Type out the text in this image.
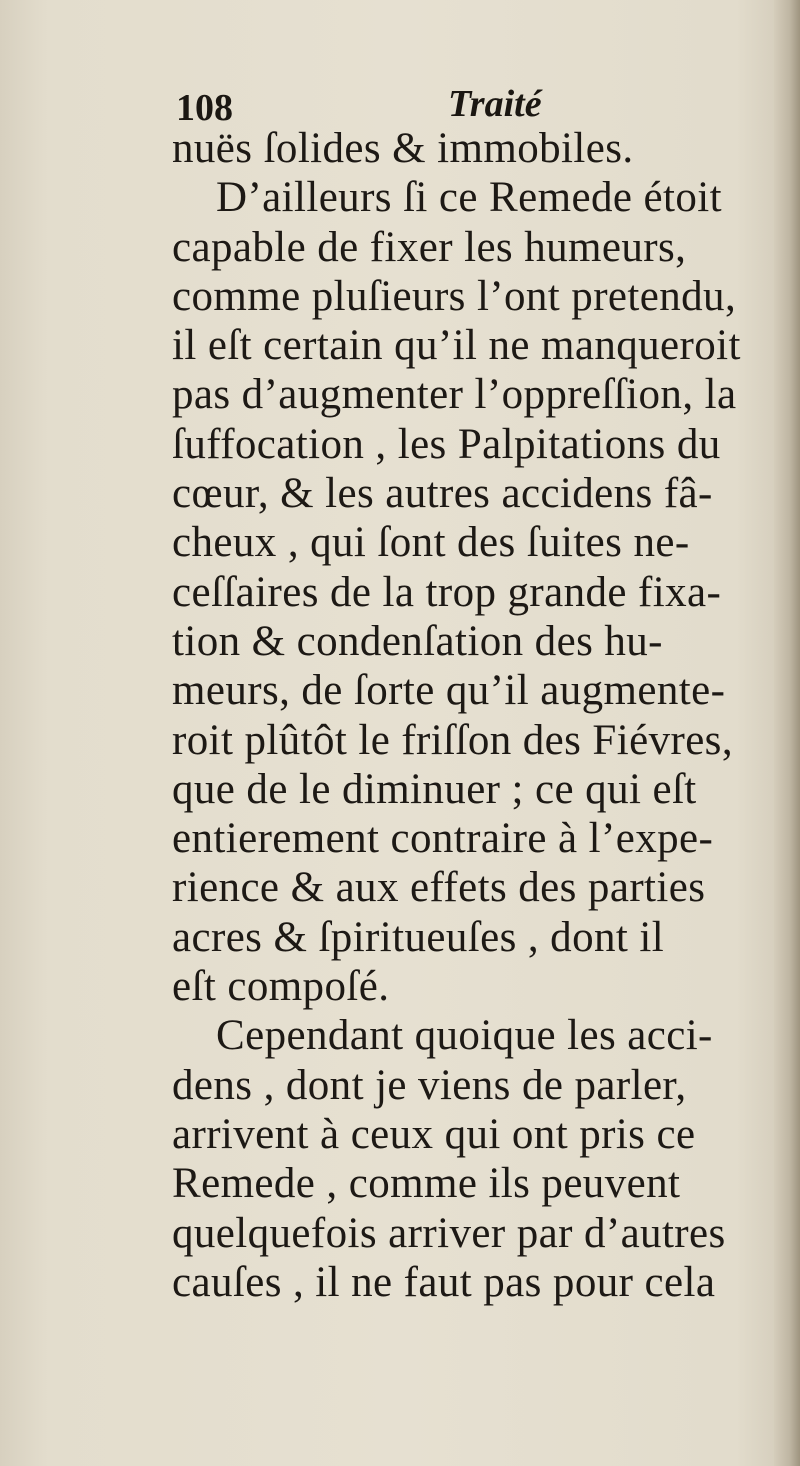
108	Traité
nuës ſolides & immobiles.
D’ailleurs ſi ce Remede étoit
capable de fixer les humeurs,
comme pluſieurs l’ont pretendu,
il eſt certain qu’il ne manqueroit
pas d’augmenter l’oppreſſion, la
ſuffocation , les Palpitations du
cœur, & les autres accidens fâ-
cheux , qui ſont des ſuites ne-
ceſſaires de la trop grande fixa-
tion & condenſation des hu-
meurs, de ſorte qu’il augmente-
roit plûtôt le friſſon des Fiévres,
que de le diminuer ; ce qui eſt
entierement contraire à l’expe-
rience & aux effets des parties
acres & ſpiritueuſes , dont il
eſt compoſé.
Cependant quoique les acci-
dens , dont je viens de parler,
arrivent à ceux qui ont pris ce
Remede , comme ils peuvent
quelquefois arriver par d’autres
cauſes , il ne faut pas pour cela
